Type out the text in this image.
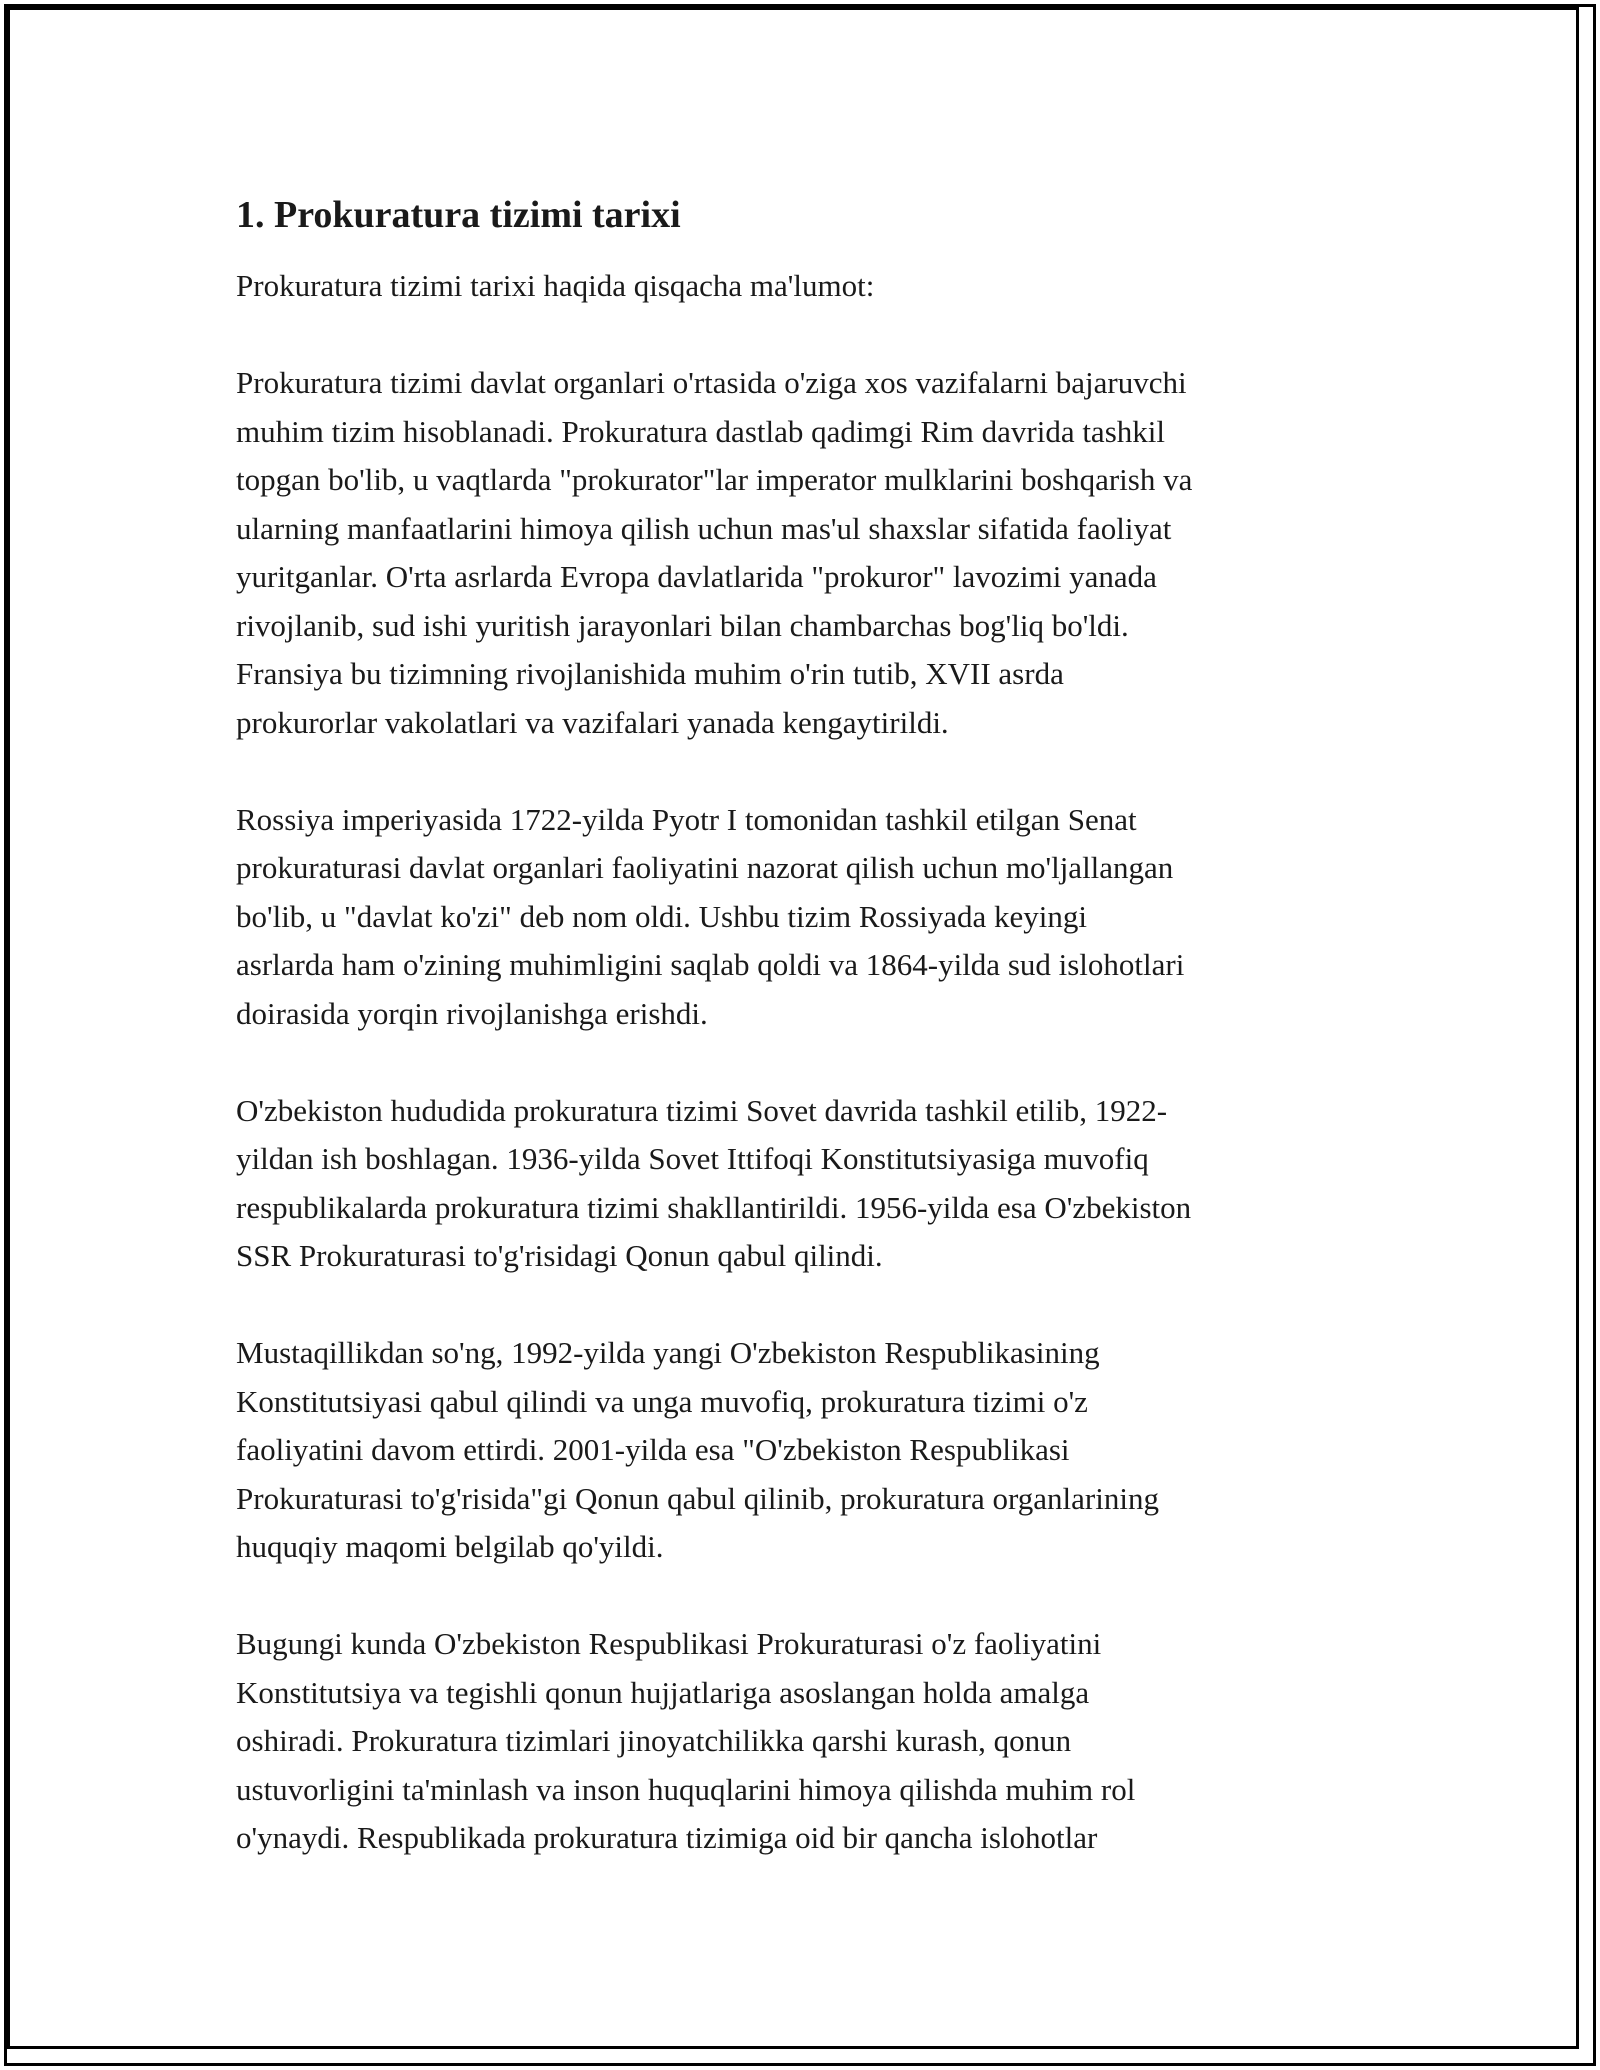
1. Prokuratura tizimi tarixi

Prokuratura tizimi tarixi haqida qisqacha ma'lumot:

Prokuratura tizimi davlat organlari o'rtasida o'ziga xos vazifalarni bajaruvchi
muhim tizim hisoblanadi. Prokuratura dastlab qadimgi Rim davrida tashkil
topgan bo'lib, u vaqtlarda "prokurator"lar imperator mulklarini boshqarish va
ularning manfaatlarini himoya qilish uchun mas'ul shaxslar sifatida faoliyat
yuritganlar. O'rta asrlarda Evropa davlatlarida "prokuror" lavozimi yanada
rivojlanib, sud ishi yuritish jarayonlari bilan chambarchas bog'liq bo'ldi.
Fransiya bu tizimning rivojlanishida muhim o'rin tutib, XVII asrda
prokurorlar vakolatlari va vazifalari yanada kengaytirildi.

Rossiya imperiyasida 1722-yilda Pyotr I tomonidan tashkil etilgan Senat
prokuraturasi davlat organlari faoliyatini nazorat qilish uchun mo'ljallangan
bo'lib, u "davlat ko'zi" deb nom oldi. Ushbu tizim Rossiyada keyingi
asrlarda ham o'zining muhimligini saqlab qoldi va 1864-yilda sud islohotlari
doirasida yorqin rivojlanishga erishdi.

O'zbekiston hududida prokuratura tizimi Sovet davrida tashkil etilib, 1922-
yildan ish boshlagan. 1936-yilda Sovet Ittifoqi Konstitutsiyasiga muvofiq
respublikalarda prokuratura tizimi shakllantirildi. 1956-yilda esa O'zbekiston
SSR Prokuraturasi to'g'risidagi Qonun qabul qilindi.

Mustaqillikdan so'ng, 1992-yilda yangi O'zbekiston Respublikasining
Konstitutsiyasi qabul qilindi va unga muvofiq, prokuratura tizimi o'z
faoliyatini davom ettirdi. 2001-yilda esa "O'zbekiston Respublikasi
Prokuraturasi to'g'risida"gi Qonun qabul qilinib, prokuratura organlarining
huquqiy maqomi belgilab qo'yildi.

Bugungi kunda O'zbekiston Respublikasi Prokuraturasi o'z faoliyatini
Konstitutsiya va tegishli qonun hujjatlariga asoslangan holda amalga
oshiradi. Prokuratura tizimlari jinoyatchilikka qarshi kurash, qonun
ustuvorligini ta'minlash va inson huquqlarini himoya qilishda muhim rol
o'ynaydi. Respublikada prokuratura tizimiga oid bir qancha islohotlar
